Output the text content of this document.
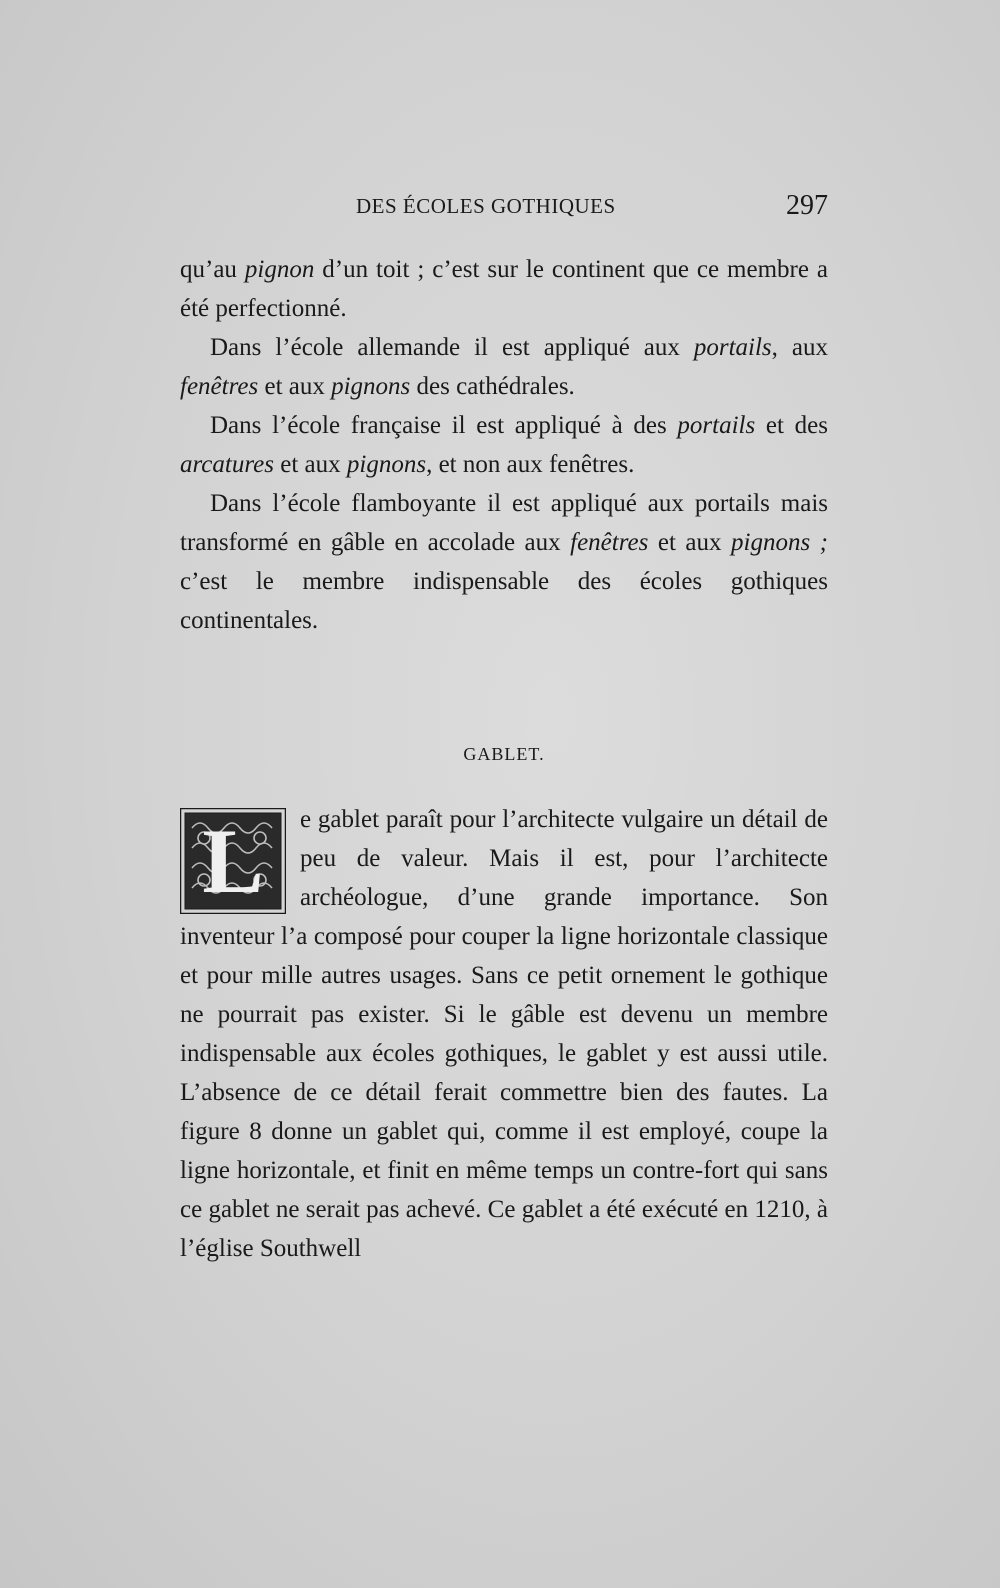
DES ÉCOLES GOTHIQUES	297

qu’au pignon d’un toit ; c’est sur le continent que ce membre a été perfectionné.

Dans l’école allemande il est appliqué aux portails, aux fenêtres et aux pignons des cathédrales.

Dans l’école française il est appliqué à des portails et des arcatures et aux pignons, et non aux fenêtres.

Dans l’école flamboyante il est appliqué aux portails mais transformé en gâble en accolade aux fenêtres et aux pignons ; c’est le membre indispensable des écoles gothiques continentales.

GABLET.
L	e gablet paraît pour l’architecte vulgaire un détail de peu de valeur. Mais il est, pour l’architecte archéologue, d’une grande importance. Son inventeur l’a composé pour couper la ligne horizontale classique et pour mille autres usages. Sans ce petit ornement le gothique ne pourrait pas exister. Si le gâble est devenu un membre indispensable aux écoles gothiques, le gablet y est aussi utile. L’absence de ce détail ferait commettre bien des fautes. La figure 8 donne un gablet qui, comme il est employé, coupe la ligne horizontale, et finit en même temps un contre-fort qui sans ce gablet ne serait pas achevé. Ce gablet a été exécuté en 1210, à l’église Southwell
